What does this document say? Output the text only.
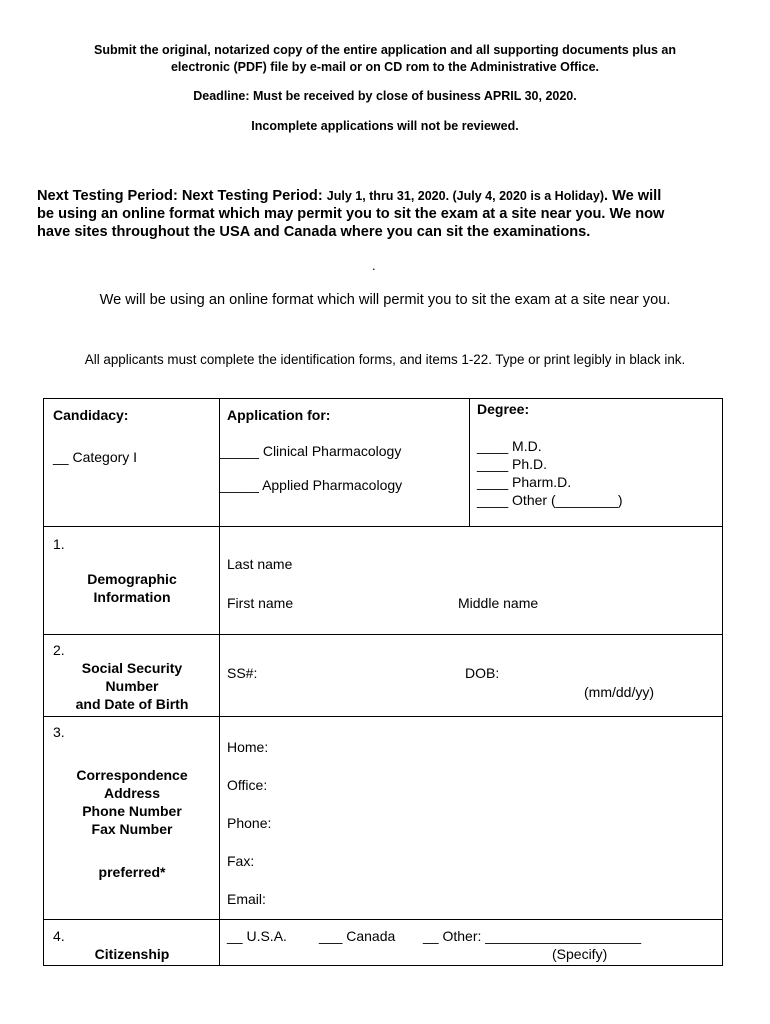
Submit the original, notarized copy of the entire application and all supporting documents plus an
electronic (PDF) file by e-mail or on CD rom to the Administrative Office.
Deadline: Must be received by close of business APRIL 30, 2020.
Incomplete applications will not be reviewed.
Next Testing Period: Next Testing Period: July 1, thru 31, 2020. (July 4, 2020 is a Holiday). We will
be using an online format which may permit you to sit the exam at a site near you. We now
have sites throughout the USA and Canada where you can sit the examinations.
.
We will be using an online format which will permit you to sit the exam at a site near you.
All applicants must complete the identification forms, and items 1-22. Type or print legibly in black ink.
Candidacy:
__ Category I
Application for:
_____ Clinical Pharmacology
_____ Applied Pharmacology
Degree:
____ M.D.
____ Ph.D.
____ Pharm.D.
____ Other (________)
1.
Demographic
Information
Last name
First name	Middle name
2.
Social Security
Number
and Date of Birth
SS#:	DOB:
(mm/dd/yy)
3.
Correspondence
Address
Phone Number
Fax Number
preferred*
Home:
Office:
Phone:
Fax:
Email:
4.
Citizenship
__ U.S.A. ___ Canada __ Other: ____________________
(Specify)
